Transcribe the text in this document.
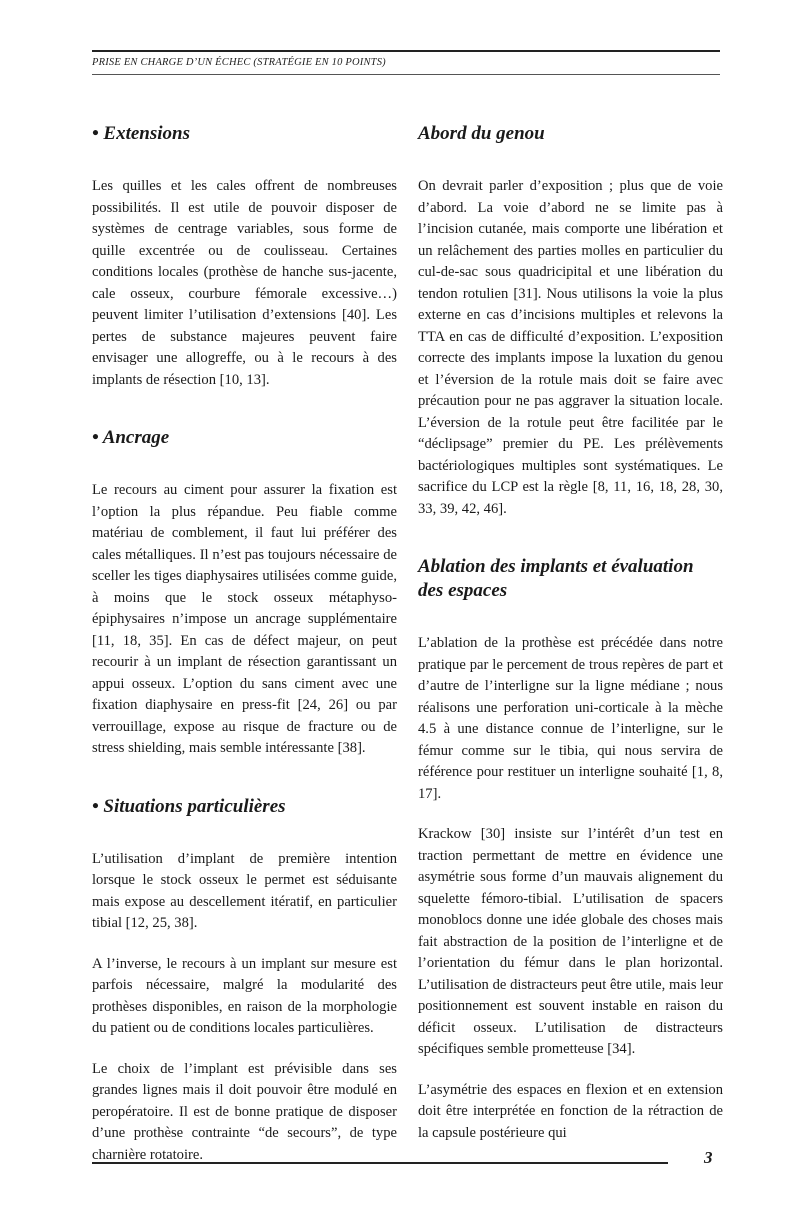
PRISE EN CHARGE D’UN ÉCHEC (STRATÉGIE EN 10 POINTS)
• Extensions

Les quilles et les cales offrent de nombreuses possibilités. Il est utile de pouvoir disposer de systèmes de centrage variables, sous forme de quille excentrée ou de coulisseau. Certaines conditions locales (prothèse de hanche sus-jacente, cale osseux, courbure fémorale excessive…) peuvent limiter l’utilisation d’extensions [40]. Les pertes de substance majeures peuvent faire envisager une allogreffe, ou à le recours à des implants de résection [10, 13].

• Ancrage

Le recours au ciment pour assurer la fixation est l’option la plus répandue. Peu fiable comme matériau de comblement, il faut lui préférer des cales métalliques. Il n’est pas toujours nécessaire de sceller les tiges diaphysaires utilisées comme guide, à moins que le stock osseux métaphyso-épiphysaires n’impose un ancrage supplémentaire [11, 18, 35]. En cas de défect majeur, on peut recourir à un implant de résection garantissant un appui osseux. L’option du sans ciment avec une fixation diaphysaire en press-fit [24, 26] ou par verrouillage, expose au risque de fracture ou de stress shielding, mais semble intéressante [38].

• Situations particulières

L’utilisation d’implant de première intention lorsque le stock osseux le permet est séduisante mais expose au descellement itératif, en particulier tibial [12, 25, 38].

A l’inverse, le recours à un implant sur mesure est parfois nécessaire, malgré la modularité des prothèses disponibles, en raison de la morphologie du patient ou de conditions locales particulières.

Le choix de l’implant est prévisible dans ses grandes lignes mais il doit pouvoir être modulé en peropératoire. Il est de bonne pratique de disposer d’une prothèse contrainte “de secours”, de type charnière rotatoire.

Abord du genou

On devrait parler d’exposition ; plus que de voie d’abord. La voie d’abord ne se limite pas à l’incision cutanée, mais comporte une libération et un relâchement des parties molles en particulier du cul-de-sac sous quadricipital et une libération du tendon rotulien [31]. Nous utilisons la voie la plus externe en cas d’incisions multiples et relevons la TTA en cas de difficulté d’exposition. L’exposition correcte des implants impose la luxation du genou et l’éversion de la rotule mais doit se faire avec précaution pour ne pas aggraver la situation locale. L’éversion de la rotule peut être facilitée par le “déclipsage” premier du PE. Les prélèvements bactériologiques multiples sont systématiques. Le sacrifice du LCP est la règle [8, 11, 16, 18, 28, 30, 33, 39, 42, 46].

Ablation des implants et évaluation des espaces

L’ablation de la prothèse est précédée dans notre pratique par le percement de trous repères de part et d’autre de l’interligne sur la ligne médiane ; nous réalisons une perforation uni-corticale à la mèche 4.5 à une distance connue de l’interligne, sur le fémur comme sur le tibia, qui nous servira de référence pour restituer un interligne souhaité [1, 8, 17].

Krackow [30] insiste sur l’intérêt d’un test en traction permettant de mettre en évidence une asymétrie sous forme d’un mauvais alignement du squelette fémoro-tibial. L’utilisation de spacers monoblocs donne une idée globale des choses mais fait abstraction de la position de l’interligne et de l’orientation du fémur dans le plan horizontal. L’utilisation de distracteurs peut être utile, mais leur positionnement est souvent instable en raison du déficit osseux. L’utilisation de distracteurs spécifiques semble prometteuse [34].

L’asymétrie des espaces en flexion et en extension doit être interprétée en fonction de la rétraction de la capsule postérieure qui

3
